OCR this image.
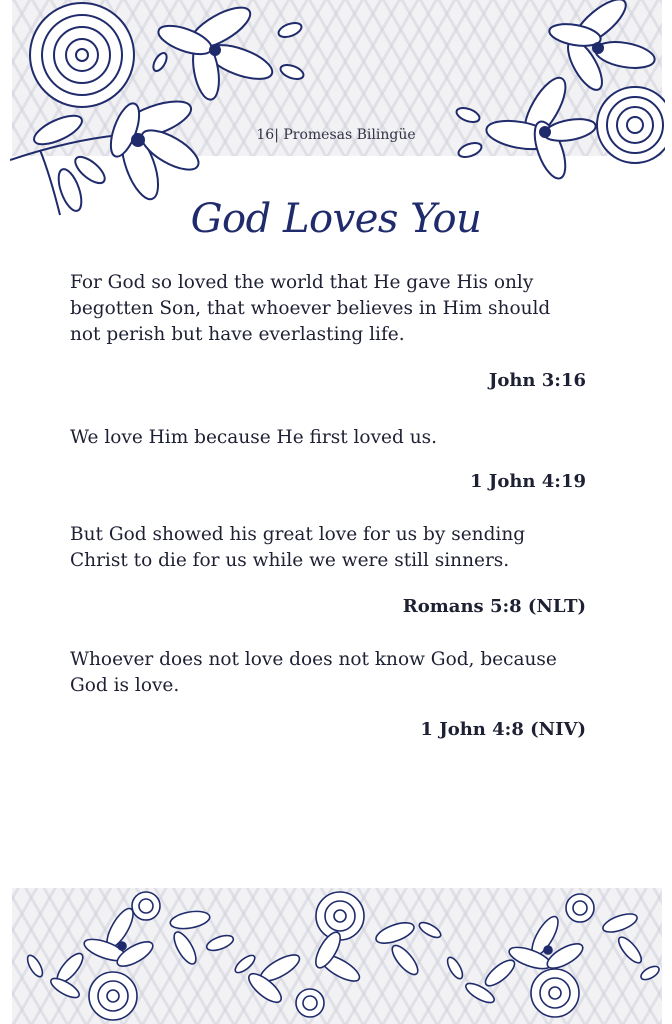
16| Promesas Bilingüe
God Loves You

For God so loved the world that He gave His only begotten Son, that whoever believes in Him should not perish but have everlasting life.

John 3:16

We love Him because He first loved us.

1 John 4:19

But God showed his great love for us by sending Christ to die for us while we were still sinners.

Romans 5:8 (NLT)

Whoever does not love does not know God, because God is love.

1 John 4:8 (NIV)
